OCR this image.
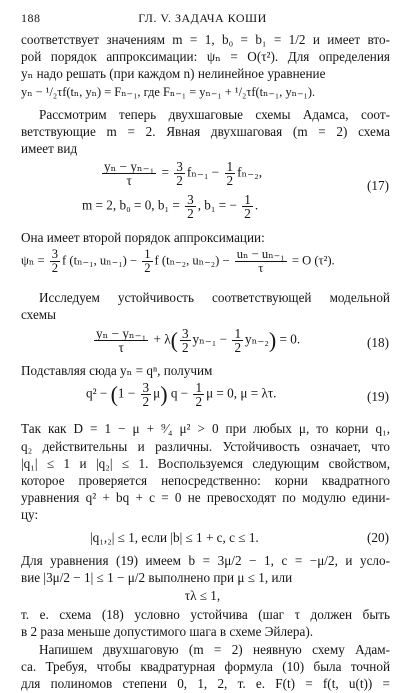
188	ГЛ. V. ЗАДАЧА КОШИ
соответствует значениям m = 1, b₀ = b₁ = 1/2 и имеет вто-
рой порядок аппроксимации: ψₙ = O(τ²). Для определения
yₙ надо решать (при каждом n) нелинейное уравнение
yₙ − ¹/₂τf(tₙ, yₙ) = Fₙ₋₁, где Fₙ₋₁ = yₙ₋₁ + ¹/₂τf(tₙ₋₁, yₙ₋₁).
Рассмотрим теперь двухшаговые схемы Адамса, соот-
ветствующие m = 2. Явная двухшаговая (m = 2) схема
имеет вид
$\frac{\text{yₙ − yₙ₋₁}}{\tau} = \frac{3}{2} f_{n-1} - \frac{1}{2} f_{n-2}$,
(17)
m = 2, b₀ = 0, $b_1 = \frac{3}{2}$ , b₁ = − $\frac{1}{2}$ .
Она имеет второй порядок аппроксимации:
$\psi_n = \frac{3}{2}$ f (tₙ₋₁, $u_{n-1}) - \frac{1}{2}$ f (tₙ₋₂, $u_{n-2}) - \frac{\text{uₙ − uₙ₋₁}}{\tau} = O$ (τ²).
Исследуем устойчивость соответствующей модельной
схемы
$\frac{\text{yₙ − yₙ₋₁}}{\tau} + \lambda( \frac{3}{2} y_{n-1} - \frac{1}{2} y_{n-2}) = 0$.	(18)
Подставляя сюда yₙ = qⁿ, получим
$q^2 - (1 - \frac{3}{2} \mu)$ $q - \frac{1}{2}$ μ = 0, μ = λτ.	(19)
Так как D = 1 − μ + ⁹⁄₄ μ² > 0 при любых μ, то корни q₁,
q₂ действительны и различны. Устойчивость означает, что
|q₁| ≤ 1 и |q₂| ≤ 1. Воспользуемся следующим свойством,
которое проверяется непосредственно: корни квадратного
уравнения q² + bq + c = 0 не превосходят по модулю едини-
цу:
|q₁,₂| ≤ 1, если |b| ≤ 1 + c, c ≤ 1.	(20)
Для уравнения (19) имеем b = 3μ/2 − 1, c = −μ/2, и усло-
вие |3μ/2 − 1| ≤ 1 − μ/2 выполнено при μ ≤ 1, или
τλ ≤ 1,
т. е. схема (18) условно устойчива (шаг τ должен быть
в 2 раза меньше допустимого шага в схеме Эйлера).
Напишем двухшаговую (m = 2) неявную схему Адам-
са. Требуя, чтобы квадратурная формула (10) была точной
для полиномов степени 0, 1, 2, т. е. F(t) = f(t, u(t)) =
